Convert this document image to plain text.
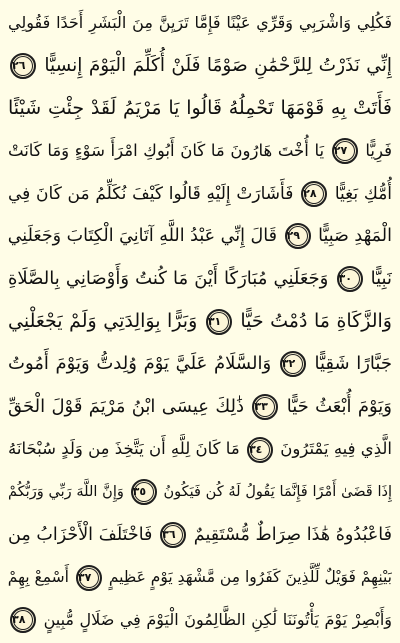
فَكُلِي وَاشْرَبِي وَقَرِّي عَيْنًا فَإِمَّا تَرَيِنَّ مِنَ الْبَشَرِ أَحَدًا فَقُولِي
إِنِّي نَذَرْتُ لِلرَّحْمَٰنِ صَوْمًا فَلَنْ أُكَلِّمَ الْيَوْمَ إِنسِيًّا ٢٦
فَأَتَتْ بِهِ قَوْمَهَا تَحْمِلُهُ قَالُوا يَا مَرْيَمُ لَقَدْ جِئْتِ شَيْئًا
فَرِيًّا ٢٧ يَا أُخْتَ هَارُونَ مَا كَانَ أَبُوكِ امْرَأَ سَوْءٍ وَمَا كَانَتْ
أُمُّكِ بَغِيًّا ٢٨ فَأَشَارَتْ إِلَيْهِ قَالُوا كَيْفَ نُكَلِّمُ مَن كَانَ فِي
الْمَهْدِ صَبِيًّا ٢٩ قَالَ إِنِّي عَبْدُ اللَّهِ آتَانِيَ الْكِتَابَ وَجَعَلَنِي
نَبِيًّا ٣٠ وَجَعَلَنِي مُبَارَكًا أَيْنَ مَا كُنتُ وَأَوْصَانِي بِالصَّلَاةِ
وَالزَّكَاةِ مَا دُمْتُ حَيًّا ٣١ وَبَرًّا بِوَالِدَتِي وَلَمْ يَجْعَلْنِي
جَبَّارًا شَقِيًّا ٣٢ وَالسَّلَامُ عَلَيَّ يَوْمَ وُلِدتُّ وَيَوْمَ أَمُوتُ
وَيَوْمَ أُبْعَثُ حَيًّا ٣٣ ذَٰلِكَ عِيسَى ابْنُ مَرْيَمَ قَوْلَ الْحَقِّ
الَّذِي فِيهِ يَمْتَرُونَ ٣٤ مَا كَانَ لِلَّهِ أَن يَتَّخِذَ مِن وَلَدٍ سُبْحَانَهُ
إِذَا قَضَىٰ أَمْرًا فَإِنَّمَا يَقُولُ لَهُ كُن فَيَكُونُ ٣٥ وَإِنَّ اللَّهَ رَبِّي وَرَبُّكُمْ
فَاعْبُدُوهُ هَٰذَا صِرَاطٌ مُّسْتَقِيمٌ ٣٦ فَاخْتَلَفَ الْأَحْزَابُ مِن
بَيْنِهِمْ فَوَيْلٌ لِّلَّذِينَ كَفَرُوا مِن مَّشْهَدِ يَوْمٍ عَظِيمٍ ٣٧ أَسْمِعْ بِهِمْ
وَأَبْصِرْ يَوْمَ يَأْتُونَنَا لَٰكِنِ الظَّالِمُونَ الْيَوْمَ فِي ضَلَالٍ مُّبِينٍ ٣٨
